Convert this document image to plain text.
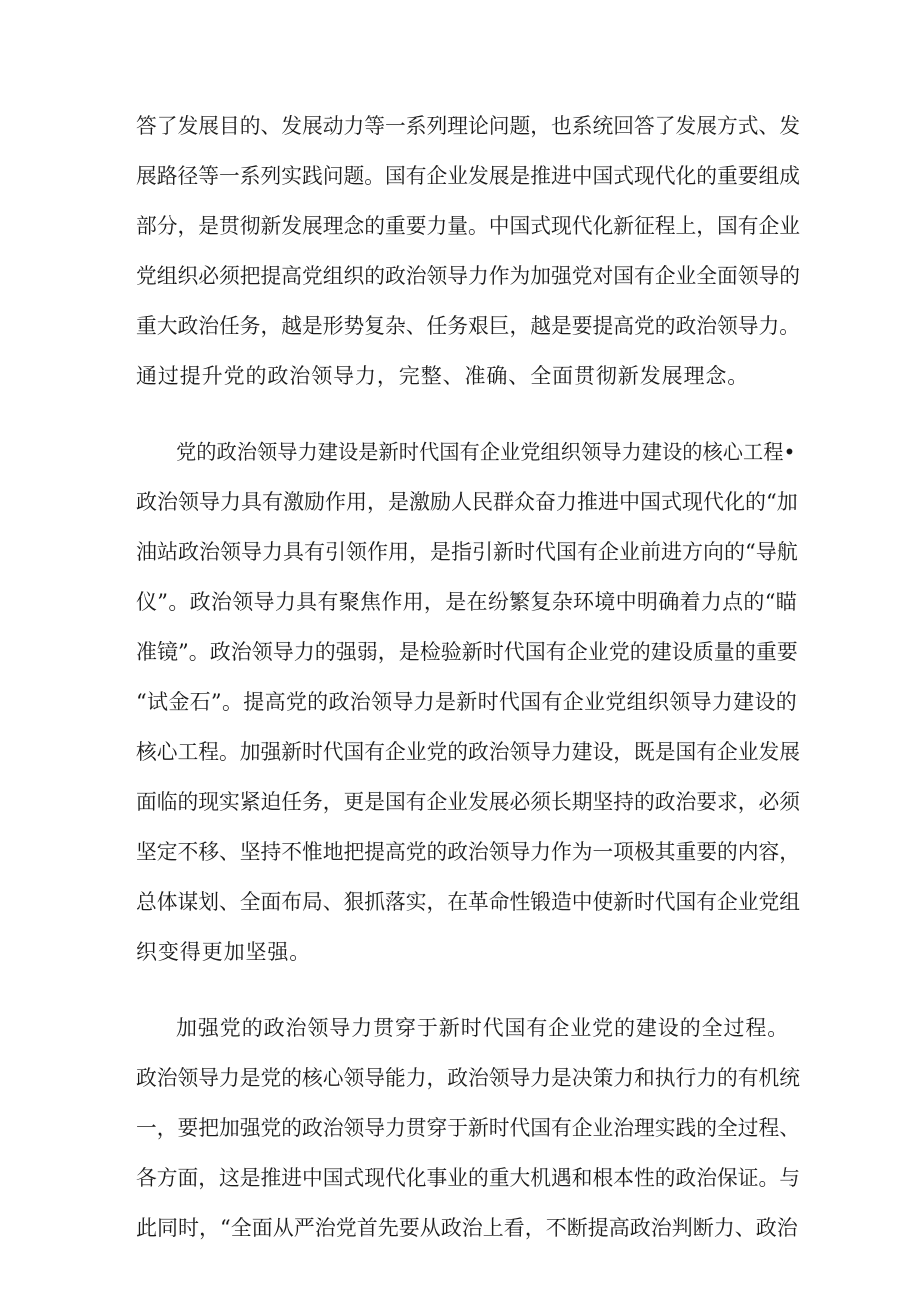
答了发展目的、发展动力等一系列理论问题，也系统回答了发展方式、发
展路径等一系列实践问题。国有企业发展是推进中国式现代化的重要组成
部分，是贯彻新发展理念的重要力量。中国式现代化新征程上，国有企业
党组织必须把提高党组织的政治领导力作为加强党对国有企业全面领导的
重大政治任务，越是形势复杂、任务艰巨，越是要提高党的政治领导力。
通过提升党的政治领导力，完整、准确、全面贯彻新发展理念。
党的政治领导力建设是新时代国有企业党组织领导力建设的核心工程•
政治领导力具有激励作用，是激励人民群众奋力推进中国式现代化的“加
油站政治领导力具有引领作用，是指引新时代国有企业前进方向的“导航
仪”。政治领导力具有聚焦作用，是在纷繁复杂环境中明确着力点的“瞄
准镜”。政治领导力的强弱，是检验新时代国有企业党的建设质量的重要
“试金石”。提高党的政治领导力是新时代国有企业党组织领导力建设的
核心工程。加强新时代国有企业党的政治领导力建设，既是国有企业发展
面临的现实紧迫任务，更是国有企业发展必须长期坚持的政治要求，必须
坚定不移、坚持不惟地把提高党的政治领导力作为一项极其重要的内容，
总体谋划、全面布局、狠抓落实，在革命性锻造中使新时代国有企业党组
织变得更加坚强。
加强党的政治领导力贯穿于新时代国有企业党的建设的全过程。
政治领导力是党的核心领导能力，政治领导力是决策力和执行力的有机统
一，要把加强党的政治领导力贯穿于新时代国有企业治理实践的全过程、
各方面，这是推进中国式现代化事业的重大机遇和根本性的政治保证。与
此同时，“全面从严治党首先要从政治上看，不断提高政治判断力、政治
